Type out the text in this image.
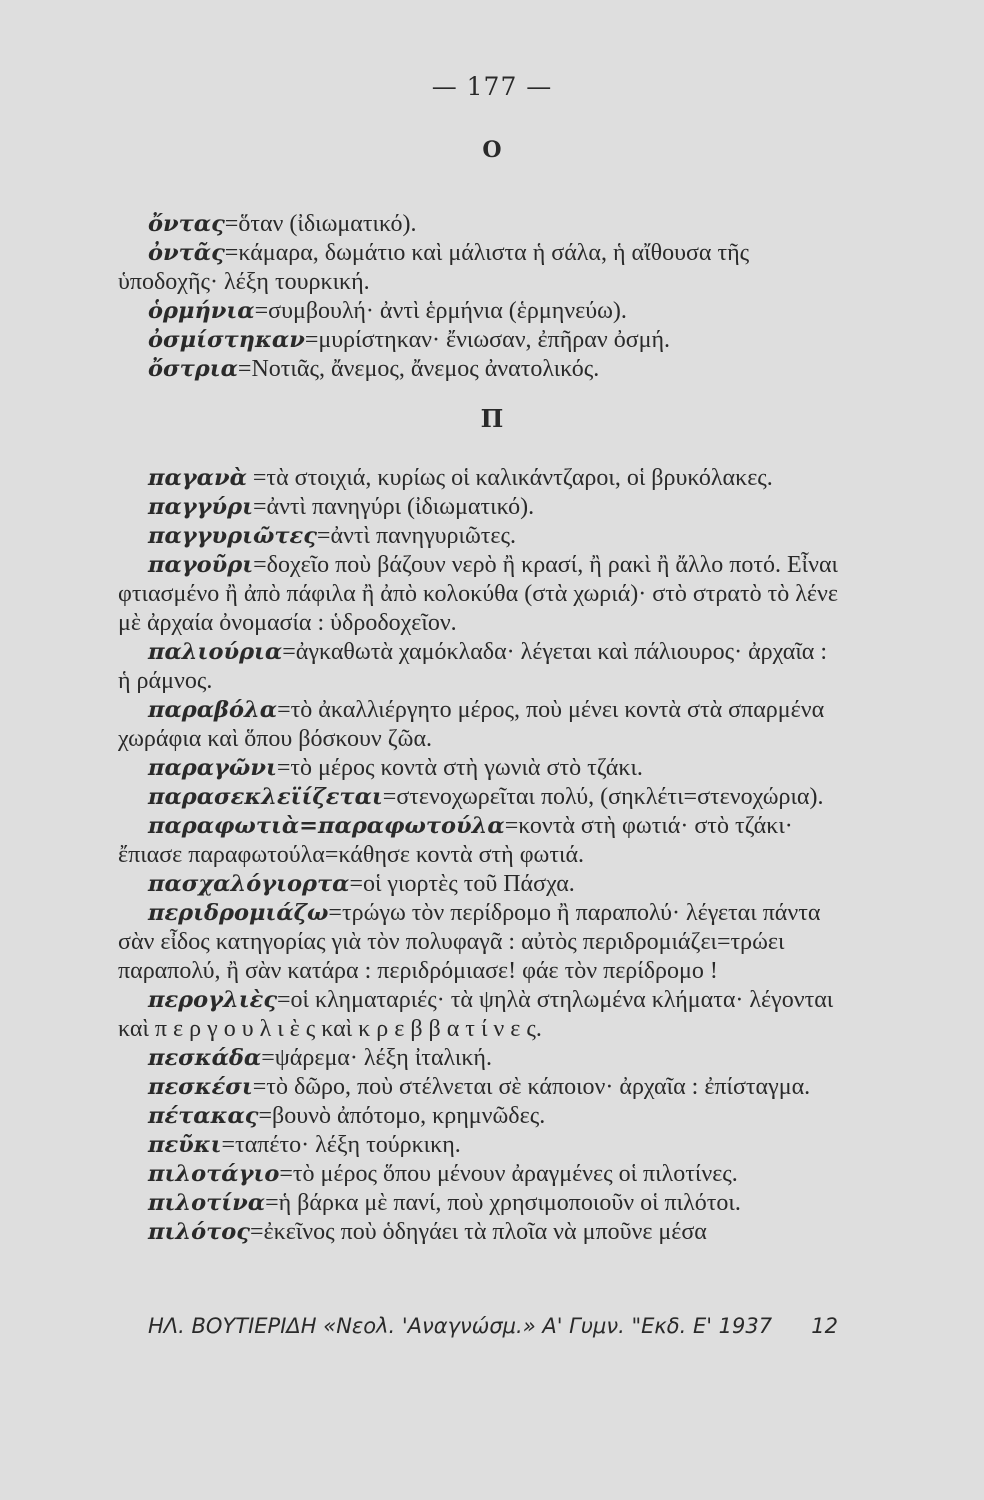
— 177 —
Ο

ὄντας=ὅταν (ἰδιωματικό).

ὀντᾶς=κάμαρα, δωμάτιο καὶ μάλιστα ἡ σάλα, ἡ αἴθουσα τῆς ὑποδοχῆς· λέξη τουρκική.

ὁρμήνια=συμβουλή· ἀντὶ ἑρμήνια (ἑρμηνεύω).

ὀσμίστηκαν=μυρίστηκαν· ἔνιωσαν, ἐπῆραν ὀσμή.

ὄστρια=Νοτιᾶς, ἄνεμος, ἄνεμος ἀνατολικός.

Π

παγανὰ =τὰ στοιχιά, κυρίως οἱ καλικάντζαροι, οἱ βρυκόλακες.

παγγύρι=ἀντὶ πανηγύρι (ἰδιωματικό).

παγγυριῶτες=ἀντὶ πανηγυριῶτες.

παγοῦρι=δοχεῖο ποὺ βάζουν νερὸ ἢ κρασί, ἢ ρακὶ ἢ ἄλλο ποτό. Εἶναι φτιασμένο ἢ ἀπὸ πάφιλα ἢ ἀπὸ κολοκύθα (στὰ χωριά)· στὸ στρατὸ τὸ λένε μὲ ἀρχαία ὀνομασία : ὑδροδοχεῖον.

παλιούρια=ἀγκαθωτὰ χαμόκλαδα· λέγεται καὶ πάλιουρος· ἀρχαῖα : ἡ ράμνος.

παραβόλα=τὸ ἀκαλλιέργητο μέρος, ποὺ μένει κοντὰ στὰ σπαρμένα χωράφια καὶ ὅπου βόσκουν ζῶα.

παραγῶνι=τὸ μέρος κοντὰ στὴ γωνιὰ στὸ τζάκι.

παρασεκλεϊίζεται=στενοχωρεῖται πολύ, (σηκλέτι=στενοχώρια).

παραφωτιὰ=παραφωτούλα=κοντὰ στὴ φωτιά· στὸ τζάκι· ἔπιασε παραφωτούλα=κάθησε κοντὰ στὴ φωτιά.

πασχαλόγιορτα=οἱ γιορτὲς τοῦ Πάσχα.

περιδρομιάζω=τρώγω τὸν περίδρομο ἢ παραπολύ· λέγεται πάντα σὰν εἶδος κατηγορίας γιὰ τὸν πολυφαγᾶ : αὐτὸς περιδρομιάζει=τρώει παραπολύ, ἢ σὰν κατάρα : περιδρόμιασε! φάε τὸν περίδρομο !

περογλιὲς=οἱ κληματαριές· τὰ ψηλὰ στηλωμένα κλήματα· λέγονται καὶ π ε ρ γ ο υ λ ι ὲ ς καὶ κ ρ ε β β α τ ί ν ε ς.

πεσκάδα=ψάρεμα· λέξη ἰταλική.

πεσκέσι=τὸ δῶρο, ποὺ στέλνεται σὲ κάποιον· ἀρχαῖα : ἐπίσταγμα.

πέτακας=βουνὸ ἀπότομο, κρημνῶδες.

πεῦκι=ταπέτο· λέξη τούρκικη.

πιλοτάγιο=τὸ μέρος ὅπου μένουν ἀραγμένες οἱ πιλοτίνες.

πιλοτίνα=ἡ βάρκα μὲ πανί, ποὺ χρησιμοποιοῦν οἱ πιλότοι.

πιλότος=ἐκεῖνος ποὺ ὁδηγάει τὰ πλοῖα νὰ μποῦνε μέσα

ΗΛ. ΒΟΥΤΙΕΡΙΔΗ «Νεολ. 'Αναγνώσμ.» Α' Γυμν. "Εκδ. Ε' 1937 12
